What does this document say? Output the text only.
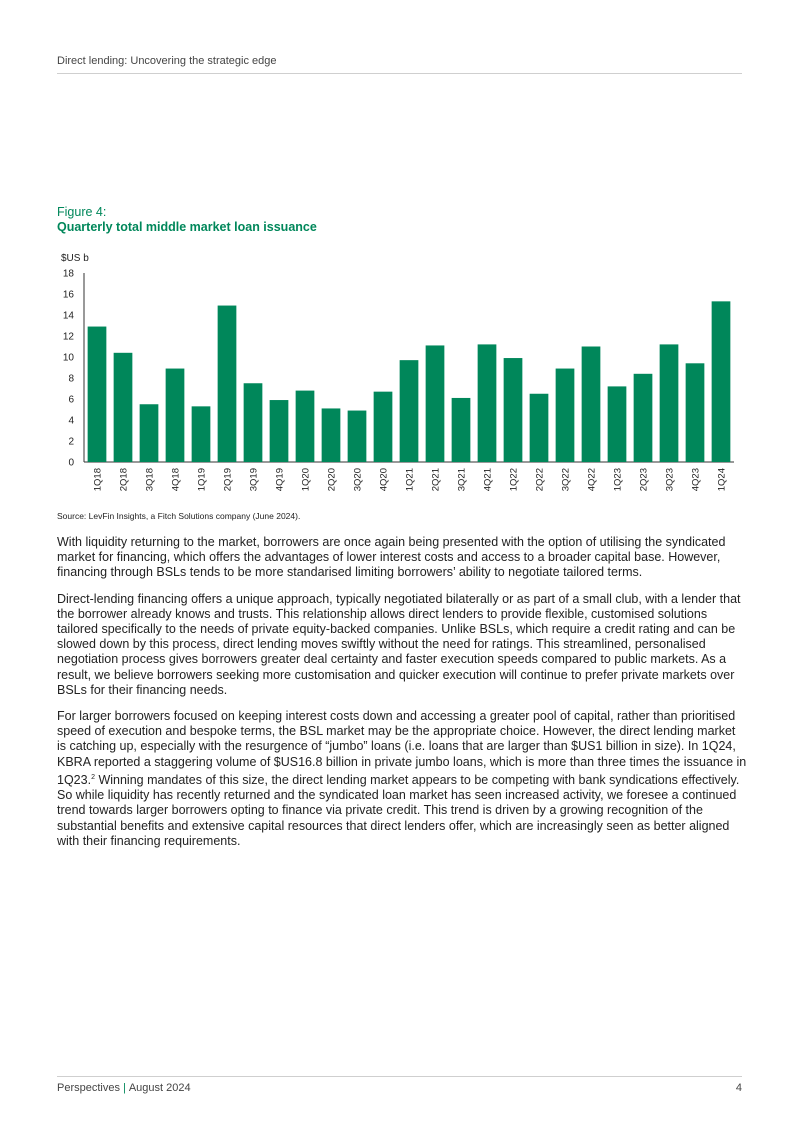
Direct lending: Uncovering the strategic edge
Figure 4:
Quarterly total middle market loan issuance
$US b
0
2
4
6
8
10
12
14
16
18
1Q18 2Q18 3Q18 4Q18 1Q19 2Q19 3Q19 4Q19 1Q20 2Q20 3Q20 4Q20 1Q21 2Q21 3Q21 4Q21 1Q22 2Q22 3Q22 4Q22 1Q23 2Q23 3Q23 4Q23 1Q24
Source: LevFin Insights, a Fitch Solutions company (June 2024).

With liquidity returning to the market, borrowers are once again being presented with the option of utilising the syndicated market for financing, which offers the advantages of lower interest costs and access to a broader capital base. However, financing through BSLs tends to be more standarised limiting borrowers’ ability to negotiate tailored terms.

Direct-lending financing offers a unique approach, typically negotiated bilaterally or as part of a small club, with a lender that the borrower already knows and trusts. This relationship allows direct lenders to provide flexible, customised solutions tailored specifically to the needs of private equity-backed companies. Unlike BSLs, which require a credit rating and can be slowed down by this process, direct lending moves swiftly without the need for ratings. This streamlined, personalised negotiation process gives borrowers greater deal certainty and faster execution speeds compared to public markets. As a result, we believe borrowers seeking more customisation and quicker execution will continue to prefer private markets over BSLs for their financing needs.

For larger borrowers focused on keeping interest costs down and accessing a greater pool of capital, rather than prioritised speed of execution and bespoke terms, the BSL market may be the appropriate choice. However, the direct lending market is catching up, especially with the resurgence of “jumbo” loans (i.e. loans that are larger than $US1 billion in size). In 1Q24, KBRA reported a staggering volume of $US16.8 billion in private jumbo loans, which is more than three times the issuance in 1Q23.$^2$ Winning mandates of this size, the direct lending market appears to be competing with bank syndications effectively. So while liquidity has recently returned and the syndicated loan market has seen increased activity, we foresee a continued trend towards larger borrowers opting to finance via private credit. This trend is driven by a growing recognition of the substantial benefits and extensive capital resources that direct lenders offer, which are increasingly seen as better aligned with their financing requirements.

Perspectives | August 2024	4
